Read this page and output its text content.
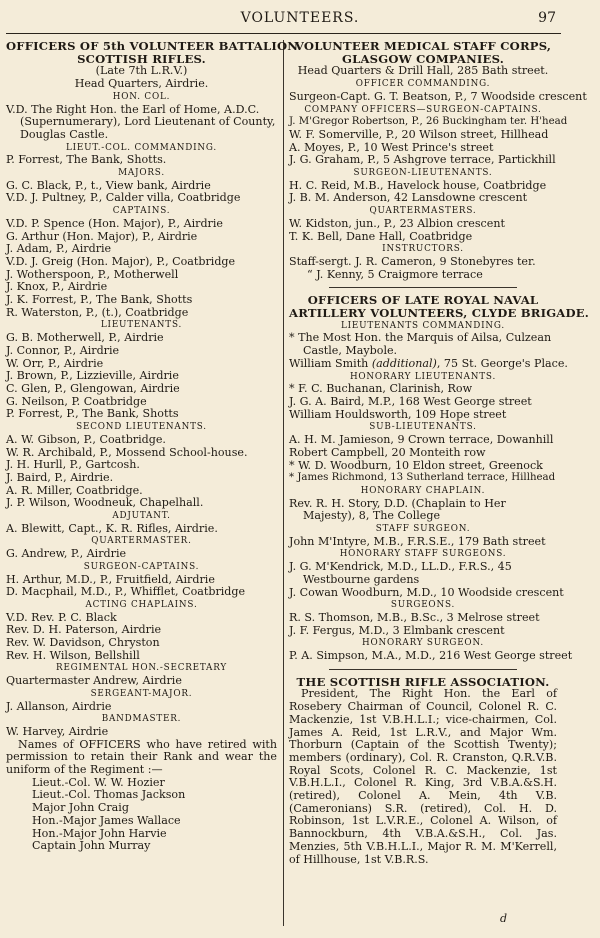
VOLUNTEERS.	97
OFFICERS OF 5th VOLUNTEER BATTALION
SCOTTISH RIFLES.
(Late 7th L.R.V.)
Head Quarters, Airdrie.
HON. COL.
V.D. The Right Hon. the Earl of Home, A.D.C. (Supernumerary), Lord Lieutenant of County, Douglas Castle.
LIEUT.-COL. COMMANDING.
P. Forrest, The Bank, Shotts.
MAJORS.
G. C. Black, P., t., View bank, Airdrie
V.D. J. Pultney, P., Calder villa, Coatbridge
CAPTAINS.
V.D. P. Spence (Hon. Major), P., Airdrie
G. Arthur (Hon. Major), P., Airdrie
J. Adam, P., Airdrie
V.D. J. Greig (Hon. Major), P., Coatbridge
J. Wotherspoon, P., Motherwell
J. Knox, P., Airdrie
J. K. Forrest, P., The Bank, Shotts
R. Waterston, P., (t.), Coatbridge
LIEUTENANTS.
G. B. Motherwell, P., Airdrie
J. Connor, P., Airdrie
W. Orr, P., Airdrie
J. Brown, P., Lizzieville, Airdrie
C. Glen, P., Glengowan, Airdrie
G. Neilson, P. Coatbridge
P. Forrest, P., The Bank, Shotts
SECOND LIEUTENANTS.
A. W. Gibson, P., Coatbridge.
W. R. Archibald, P., Mossend School-house.
J. H. Hurll, P., Gartcosh.
J. Baird, P., Airdrie.
A. R. Miller, Coatbridge.
J. P. Wilson, Woodneuk, Chapelhall.
ADJUTANT.
A. Blewitt, Capt., K. R. Rifles, Airdrie.
QUARTERMASTER.
G. Andrew, P., Airdrie
SURGEON-CAPTAINS.
H. Arthur, M.D., P., Fruitfield, Airdrie
D. Macphail, M.D., P., Whifflet, Coatbridge
ACTING CHAPLAINS.
V.D. Rev. P. C. Black
Rev. D. H. Paterson, Airdrie
Rev. W. Davidson, Chryston
Rev. H. Wilson, Bellshill
REGIMENTAL HON.-SECRETARY
Quartermaster Andrew, Airdrie
SERGEANT-MAJOR.
J. Allanson, Airdrie
BANDMASTER.
W. Harvey, Airdrie
Names of OFFICERS who have retired with permission to retain their Rank and wear the uniform of the Regiment :—
Lieut.-Col. W. W. Hozier
Lieut.-Col. Thomas Jackson
Major John Craig
Hon.-Major James Wallace
Hon.-Major John Harvie
Captain John Murray
VOLUNTEER MEDICAL STAFF CORPS,
GLASGOW COMPANIES.
Head Quarters & Drill Hall, 285 Bath street.
OFFICER COMMANDING.
Surgeon-Capt. G. T. Beatson, P., 7 Woodside crescent
COMPANY OFFICERS—SURGEON-CAPTAINS.
J. M'Gregor Robertson, P., 26 Buckingham ter. H'head
W. F. Somerville, P., 20 Wilson street, Hillhead
A. Moyes, P., 10 West Prince's street
J. G. Graham, P., 5 Ashgrove terrace, Partickhill
SURGEON-LIEUTENANTS.
H. C. Reid, M.B., Havelock house, Coatbridge
J. B. M. Anderson, 42 Lansdowne crescent
QUARTERMASTERS.
W. Kidston, jun., P., 23 Albion crescent
T. K. Bell, Dane Hall, Coatbridge
INSTRUCTORS.
Staff-sergt. J. R. Cameron, 9 Stonebyres ter.
“ J. Kenny, 5 Craigmore terrace
OFFICERS OF LATE ROYAL NAVAL
ARTILLERY VOLUNTEERS, CLYDE BRIGADE.
LIEUTENANTS COMMANDING.
* The Most Hon. the Marquis of Ailsa, Culzean Castle, Maybole.
William Smith (additional), 75 St. George's Place.
HONORARY LIEUTENANTS.
* F. C. Buchanan, Clarinish, Row
J. G. A. Baird, M.P., 168 West George street
William Houldsworth, 109 Hope street
SUB-LIEUTENANTS.
A. H. M. Jamieson, 9 Crown terrace, Dowanhill
Robert Campbell, 20 Monteith row
* W. D. Woodburn, 10 Eldon street, Greenock
* James Richmond, 13 Sutherland terrace, Hillhead
HONORARY CHAPLAIN.
Rev. R. H. Story, D.D. (Chaplain to Her Majesty), 8, The College
STAFF SURGEON.
John M'Intyre, M.B., F.R.S.E., 179 Bath street
HONORARY STAFF SURGEONS.
J. G. M'Kendrick, M.D., LL.D., F.R.S., 45 Westbourne gardens
J. Cowan Woodburn, M.D., 10 Woodside crescent
SURGEONS.
R. S. Thomson, M.B., B.Sc., 3 Melrose street
J. F. Fergus, M.D., 3 Elmbank crescent
HONORARY SURGEON.
P. A. Simpson, M.A., M.D., 216 West George street
THE SCOTTISH RIFLE ASSOCIATION.
President, The Right Hon. the Earl of Rosebery Chairman of Council, Colonel R. C. Mackenzie, 1st V.B.H.L.I.; vice-chairmen, Col. James A. Reid, 1st L.R.V., and Major Wm. Thorburn (Captain of the Scottish Twenty); members (ordinary), Col. R. Cranston, Q.R.V.B. Royal Scots, Colonel R. C. Mackenzie, 1st V.B.H.L.I., Colonel R. King, 3rd V.B.A.&S.H. (retired), Colonel A. Mein, 4th V.B. (Cameronians) S.R. (retired), Col. H. D. Robinson, 1st L.V.R.E., Colonel A. Wilson, of Bannockburn, 4th V.B.A.&S.H., Col. Jas. Menzies, 5th V.B.H.L.I., Major R. M. M'Kerrell, of Hillhouse, 1st V.B.R.S.
d
